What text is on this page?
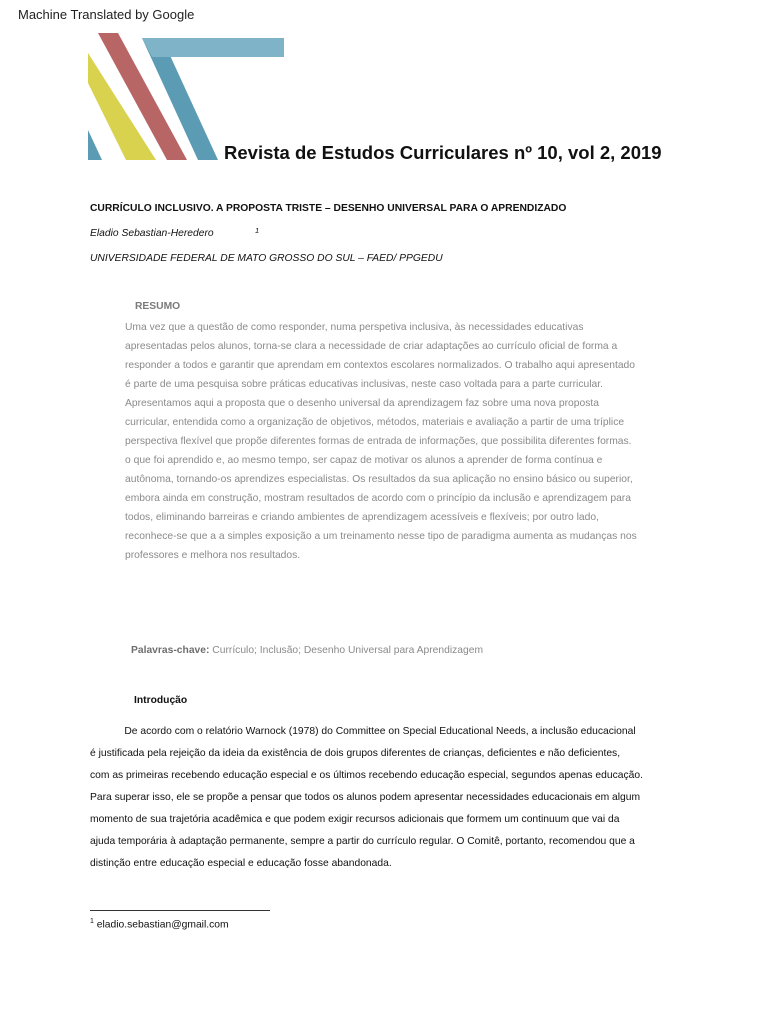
Machine Translated by Google
Revista de Estudos Curriculares nº 10, vol 2, 2019
CURRÍCULO INCLUSIVO. A PROPOSTA TRISTE – DESENHO UNIVERSAL PARA O APRENDIZADO
Eladio Sebastian-Heredero	1
UNIVERSIDADE FEDERAL DE MATO GROSSO DO SUL – FAED/ PPGEDU
RESUMO
Uma vez que a questão de como responder, numa perspetiva inclusiva, às necessidades educativas
apresentadas pelos alunos, torna-se clara a necessidade de criar adaptações ao currículo oficial de forma a
responder a todos e garantir que aprendam em contextos escolares normalizados. O trabalho aqui apresentado
é parte de uma pesquisa sobre práticas educativas inclusivas, neste caso voltada para a parte curricular.
Apresentamos aqui a proposta que o desenho universal da aprendizagem faz sobre uma nova proposta
curricular, entendida como a organização de objetivos, métodos, materiais e avaliação a partir de uma tríplice
perspectiva flexível que propõe diferentes formas de entrada de informações, que possibilita diferentes formas.
o que foi aprendido e, ao mesmo tempo, ser capaz de motivar os alunos a aprender de forma contínua e
autônoma, tornando-os aprendizes especialistas. Os resultados da sua aplicação no ensino básico ou superior,
embora ainda em construção, mostram resultados de acordo com o princípio da inclusão e aprendizagem para
todos, eliminando barreiras e criando ambientes de aprendizagem acessíveis e flexíveis; por outro lado,
reconhece-se que a a simples exposição a um treinamento nesse tipo de paradigma aumenta as mudanças nos
professores e melhora nos resultados.
Palavras-chave: Currículo; Inclusão; Desenho Universal para Aprendizagem
Introdução
De acordo com o relatório Warnock (1978) do Committee on Special Educational Needs, a inclusão educacional
é justificada pela rejeição da ideia da existência de dois grupos diferentes de crianças, deficientes e não deficientes,
com as primeiras recebendo educação especial e os últimos recebendo educação especial, segundos apenas educação.
Para superar isso, ele se propõe a pensar que todos os alunos podem apresentar necessidades educacionais em algum
momento de sua trajetória acadêmica e que podem exigir recursos adicionais que formem um continuum que vai da
ajuda temporária à adaptação permanente, sempre a partir do currículo regular. O Comitê, portanto, recomendou que a
distinção entre educação especial e educação fosse abandonada.
$^1$ eladio.sebastian@gmail.com
